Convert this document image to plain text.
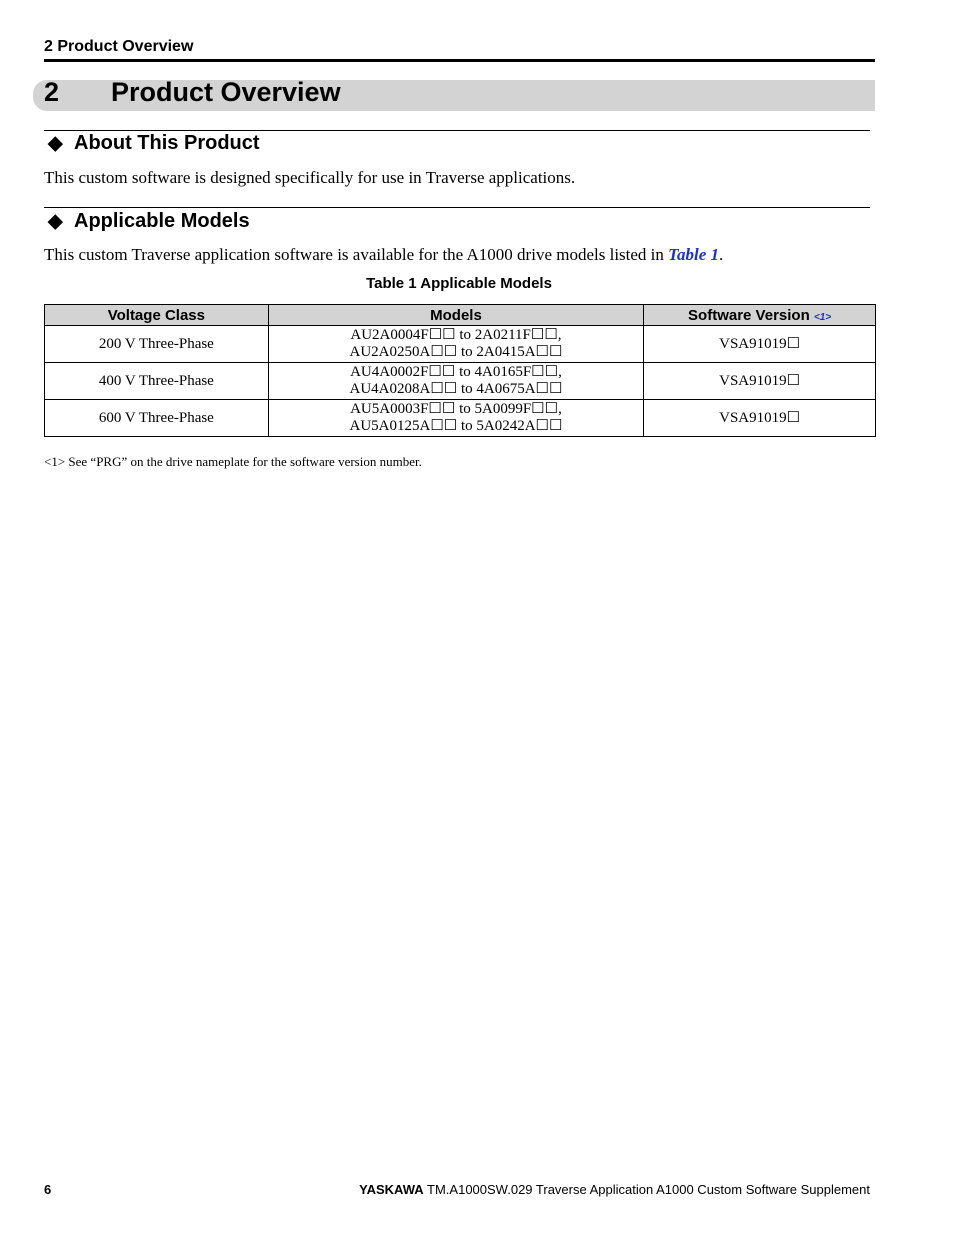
2 Product Overview
2 Product Overview
◆ About This Product
This custom software is designed specifically for use in Traverse applications.
◆ Applicable Models
This custom Traverse application software is available for the A1000 drive models listed in Table 1.
Table 1 Applicable Models
Voltage Class	Models	Software Version <1>
200 V Three-Phase	AU2A0004F☐☐ to 2A0211F☐☐,
AU2A0250A☐☐ to 2A0415A☐☐	VSA91019☐
400 V Three-Phase	AU4A0002F☐☐ to 4A0165F☐☐,
AU4A0208A☐☐ to 4A0675A☐☐	VSA91019☐
600 V Three-Phase	AU5A0003F☐☐ to 5A0099F☐☐,
AU5A0125A☐☐ to 5A0242A☐☐	VSA91019☐
<1> See “PRG” on the drive nameplate for the software version number.
6	YASKAWA TM.A1000SW.029 Traverse Application A1000 Custom Software Supplement
